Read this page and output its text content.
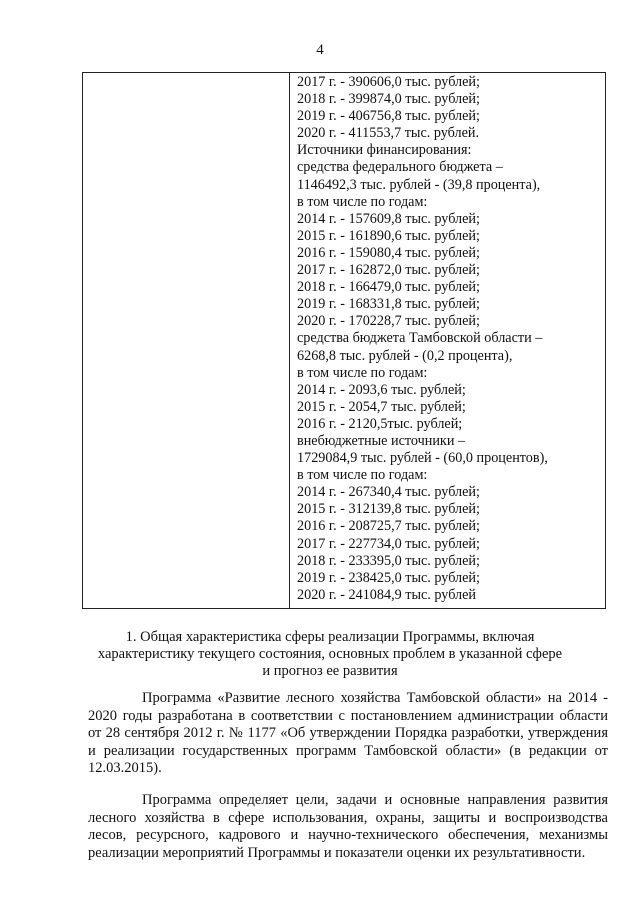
4
2017 г. - 390606,0 тыс. рублей;
2018 г. - 399874,0 тыс. рублей;
2019 г. - 406756,8 тыс. рублей;
2020 г. - 411553,7 тыс. рублей.
Источники финансирования:
средства федерального бюджета –
1146492,3 тыс. рублей - (39,8 процента),
в том числе по годам:
2014 г. - 157609,8 тыс. рублей;
2015 г. - 161890,6 тыс. рублей;
2016 г. - 159080,4 тыс. рублей;
2017 г. - 162872,0 тыс. рублей;
2018 г. - 166479,0 тыс. рублей;
2019 г. - 168331,8 тыс. рублей;
2020 г. - 170228,7 тыс. рублей;
средства бюджета Тамбовской области –
6268,8 тыс. рублей - (0,2 процента),
в том числе по годам:
2014 г. - 2093,6 тыс. рублей;
2015 г. - 2054,7 тыс. рублей;
2016 г. - 2120,5тыс. рублей;
внебюджетные источники –
1729084,9 тыс. рублей - (60,0 процентов),
в том числе по годам:
2014 г. - 267340,4 тыс. рублей;
2015 г. - 312139,8 тыс. рублей;
2016 г. - 208725,7 тыс. рублей;
2017 г. - 227734,0 тыс. рублей;
2018 г. - 233395,0 тыс. рублей;
2019 г. - 238425,0 тыс. рублей;
2020 г. - 241084,9 тыс. рублей
1. Общая характеристика сферы реализации Программы, включая
характеристику текущего состояния, основных проблем в указанной сфере
и прогноз ее развития

Программа «Развитие лесного хозяйства Тамбовской области» на 2014 - 2020 годы разработана в соответствии с постановлением администрации области от 28 сентября 2012 г. № 1177 «Об утверждении Порядка разработки, утверждения и реализации государственных программ Тамбовской области» (в редакции от 12.03.2015).

Программа определяет цели, задачи и основные направления развития лесного хозяйства в сфере использования, охраны, защиты и воспроизводства лесов, ресурсного, кадрового и научно-технического обеспечения, механизмы реализации мероприятий Программы и показатели оценки их результативности.
